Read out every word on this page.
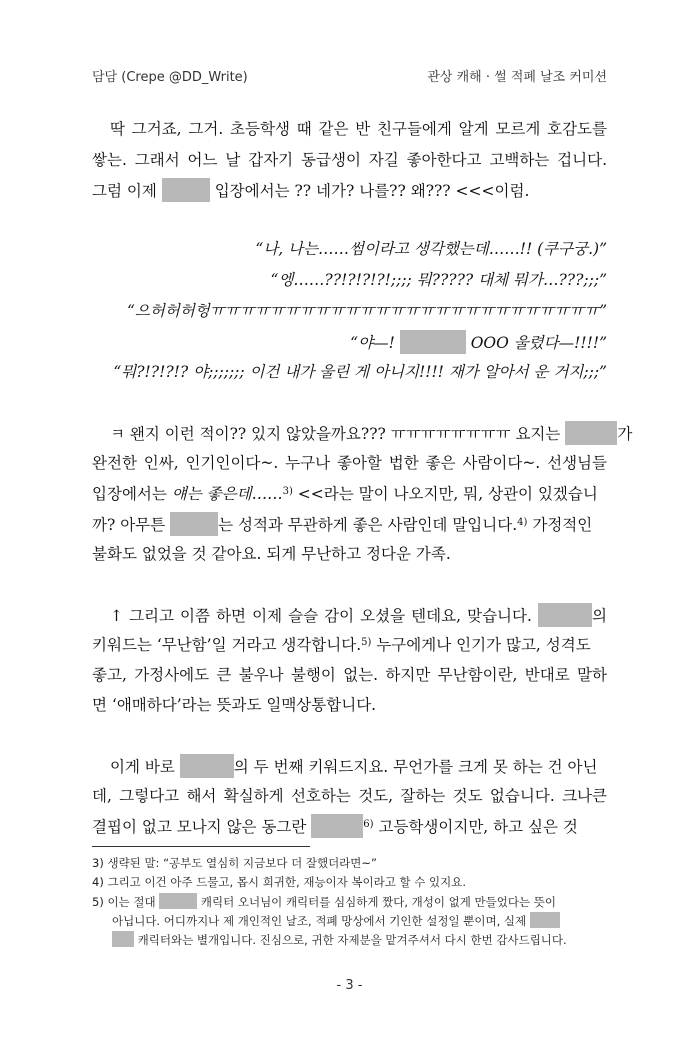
담담 (Crepe @DD_Write)	관상 캐해 · 썰 적폐 날조 커미션
딱 그거죠, 그거. 초등학생 때 같은 반 친구들에게 알게 모르게 호감도를
쌓는. 그래서 어느 날 갑자기 동급생이 자길 좋아한다고 고백하는 겁니다.
그럼 이제	입장에서는 ?? 네가? 나를?? 왜??? <<<이럼.
“나, 나는……썸이라고 생각했는데……!! (쿠구궁.)”
“엥……??!?!?!?!;;;; 뭐????? 대체 뭐가…???;;;”
“으허허허헝ㅠㅠㅠㅠㅠㅠㅠㅠㅠㅠㅠㅠㅠㅠㅠㅠㅠㅠㅠㅠㅠㅠㅠㅠㅠㅠ”
“야—!	OOO 울렸다—!!!!”
“뭐?!?!?!? 야;;;;;;; 이건 내가 울린 게 아니지!!!! 재가 알아서 운 거지;;;”
ㅋ 왠지 이런 적이?? 있지 않았을까요??? ㅠㅠㅠㅠㅠㅠㅠㅠ 요지는	가
완전한 인싸, 인기인이다~. 누구나 좋아할 법한 좋은 사람이다~. 선생님들
입장에서는 얘는 좋은데……$^{3)}$ <<라는 말이 나오지만, 뭐, 상관이 있겠습니
까? 아무튼	는 성적과 무관하게 좋은 사람인데 말입니다.$^{4)}$ 가정적인
불화도 없었을 것 같아요. 되게 무난하고 정다운 가족.
↑ 그리고 이쯤 하면 이제 슬슬 감이 오셨을 텐데요, 맞습니다.	의
키워드는 ‘무난함’일 거라고 생각합니다.$^{5)}$ 누구에게나 인기가 많고, 성격도
좋고, 가정사에도 큰 불우나 불행이 없는. 하지만 무난함이란, 반대로 말하
면 ‘애매하다’라는 뜻과도 일맥상통합니다.
이게 바로	의 두 번째 키워드지요. 무언가를 크게 못 하는 건 아닌
데, 그렇다고 해서 확실하게 선호하는 것도, 잘하는 것도 없습니다. 크나큰
결핍이 없고 모나지 않은 동그란	$^{6)}$ 고등학생이지만, 하고 싶은 것
3) 생략된 말: “공부도 열심히 지금보다 더 잘했더라면~”
4) 그리고 이건 아주 드물고, 몹시 희귀한, 재능이자 복이라고 할 수 있지요.
5) 이는 절대	캐릭터 오너님이 캐릭터를 심심하게 짰다, 개성이 없게 만들었다는 뜻이
아닙니다. 어디까지나 제 개인적인 날조, 적폐 망상에서 기인한 설정일 뿐이며, 실제
캐릭터와는 별개입니다. 진심으로, 귀한 자제분을 맡겨주셔서 다시 한번 감사드립니다.
- 3 -
